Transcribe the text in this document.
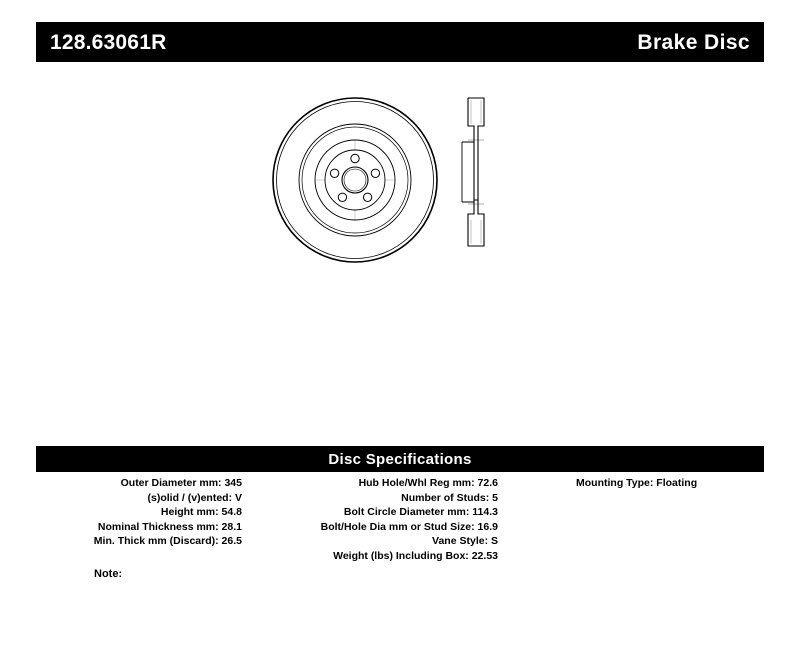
128.63061R	Brake Disc
Disc Specifications
Outer Diameter mm: 345
(s)olid / (v)ented: V
Height mm: 54.8
Nominal Thickness mm: 28.1
Min. Thick mm (Discard): 26.5
Hub Hole/Whl Reg mm: 72.6
Number of Studs: 5
Bolt Circle Diameter mm: 114.3
Bolt/Hole Dia mm or Stud Size: 16.9
Vane Style: S
Weight (lbs) Including Box: 22.53
Mounting Type: Floating
Note:
